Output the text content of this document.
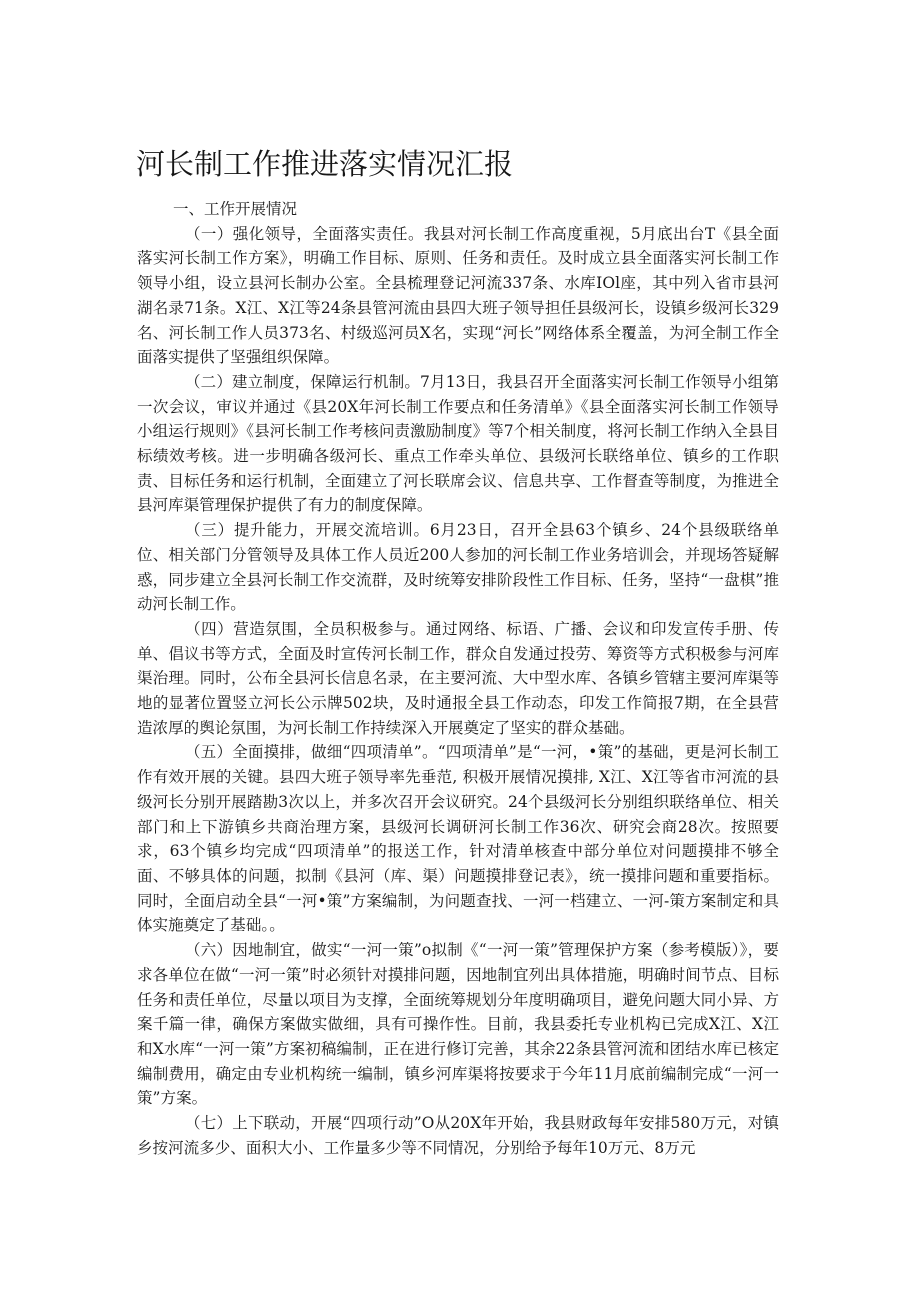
河长制工作推进落实情况汇报

一、工作开展情况

（一）强化领导，全面落实责任。我县对河长制工作高度重视，5月底出台T《县全面落实河长制工作方案》，明确工作目标、原则、任务和责任。及时成立县全面落实河长制工作领导小组，设立县河长制办公室。全县梳理登记河流337条、水库IOl座，其中列入省市县河湖名录71条。X江、X江等24条县管河流由县四大班子领导担任县级河长，设镇乡级河长329名、河长制工作人员373名、村级巡河员X名，实现“河长”网络体系全覆盖，为河全制工作全面落实提供了坚强组织保障。

（二）建立制度，保障运行机制。7月13日，我县召开全面落实河长制工作领导小组第一次会议，审议并通过《县20X年河长制工作要点和任务清单》《县全面落实河长制工作领导小组运行规则》《县河长制工作考核问责激励制度》等7个相关制度，将河长制工作纳入全县目标绩效考核。进一步明确各级河长、重点工作牵头单位、县级河长联络单位、镇乡的工作职责、目标任务和运行机制，全面建立了河长联席会议、信息共享、工作督查等制度，为推进全县河库渠管理保护提供了有力的制度保障。

（三）提升能力，开展交流培训。6月23日，召开全县63个镇乡、24个县级联络单位、相关部门分管领导及具体工作人员近200人参加的河长制工作业务培训会，并现场答疑解惑，同步建立全县河长制工作交流群，及时统筹安排阶段性工作目标、任务，坚持“一盘棋”推动河长制工作。

（四）营造氛围，全员积极参与。通过网络、标语、广播、会议和印发宣传手册、传单、倡议书等方式，全面及时宣传河长制工作，群众自发通过投劳、筹资等方式积极参与河库渠治理。同时，公布全县河长信息名录，在主要河流、大中型水库、各镇乡管辖主要河库渠等地的显著位置竖立河长公示牌502块，及时通报全县工作动态，印发工作简报7期，在全县营造浓厚的舆论氛围，为河长制工作持续深入开展奠定了坚实的群众基础。

（五）全面摸排，做细“四项清单”。“四项清单”是“一河，•策”的基础，更是河长制工作有效开展的关键。县四大班子领导率先垂范, 积极开展情况摸排, X江、X江等省市河流的县级河长分别开展踏勘3次以上，并多次召开会议研究。24个县级河长分别组织联络单位、相关部门和上下游镇乡共商治理方案，县级河长调研河长制工作36次、研究会商28次。按照要求，63个镇乡均完成“四项清单”的报送工作，针对清单核查中部分单位对问题摸排不够全面、不够具体的问题，拟制《县河（库、渠）问题摸排登记表》，统一摸排问题和重要指标。同时，全面启动全县“一河•策”方案编制，为问题查找、一河一档建立、一河-策方案制定和具体实施奠定了基础。。

（六）因地制宜，做实“一河一策”o拟制《“一河一策”管理保护方案（参考模版）》，要求各单位在做“一河一策”时必须针对摸排问题，因地制宜列出具体措施，明确时间节点、目标任务和责任单位，尽量以项目为支撑，全面统筹规划分年度明确项目，避免问题大同小异、方案千篇一律，确保方案做实做细，具有可操作性。目前，我县委托专业机构已完成X江、X江和X水库“一河一策”方案初稿编制，正在进行修订完善，其余22条县管河流和团结水库已核定编制费用，确定由专业机构统一编制，镇乡河库渠将按要求于今年11月底前编制完成“一河一策”方案。

（七）上下联动，开展“四项行动”O从20X年开始，我县财政每年安排580万元，对镇乡按河流多少、面积大小、工作量多少等不同情况，分别给予每年10万元、8万元
